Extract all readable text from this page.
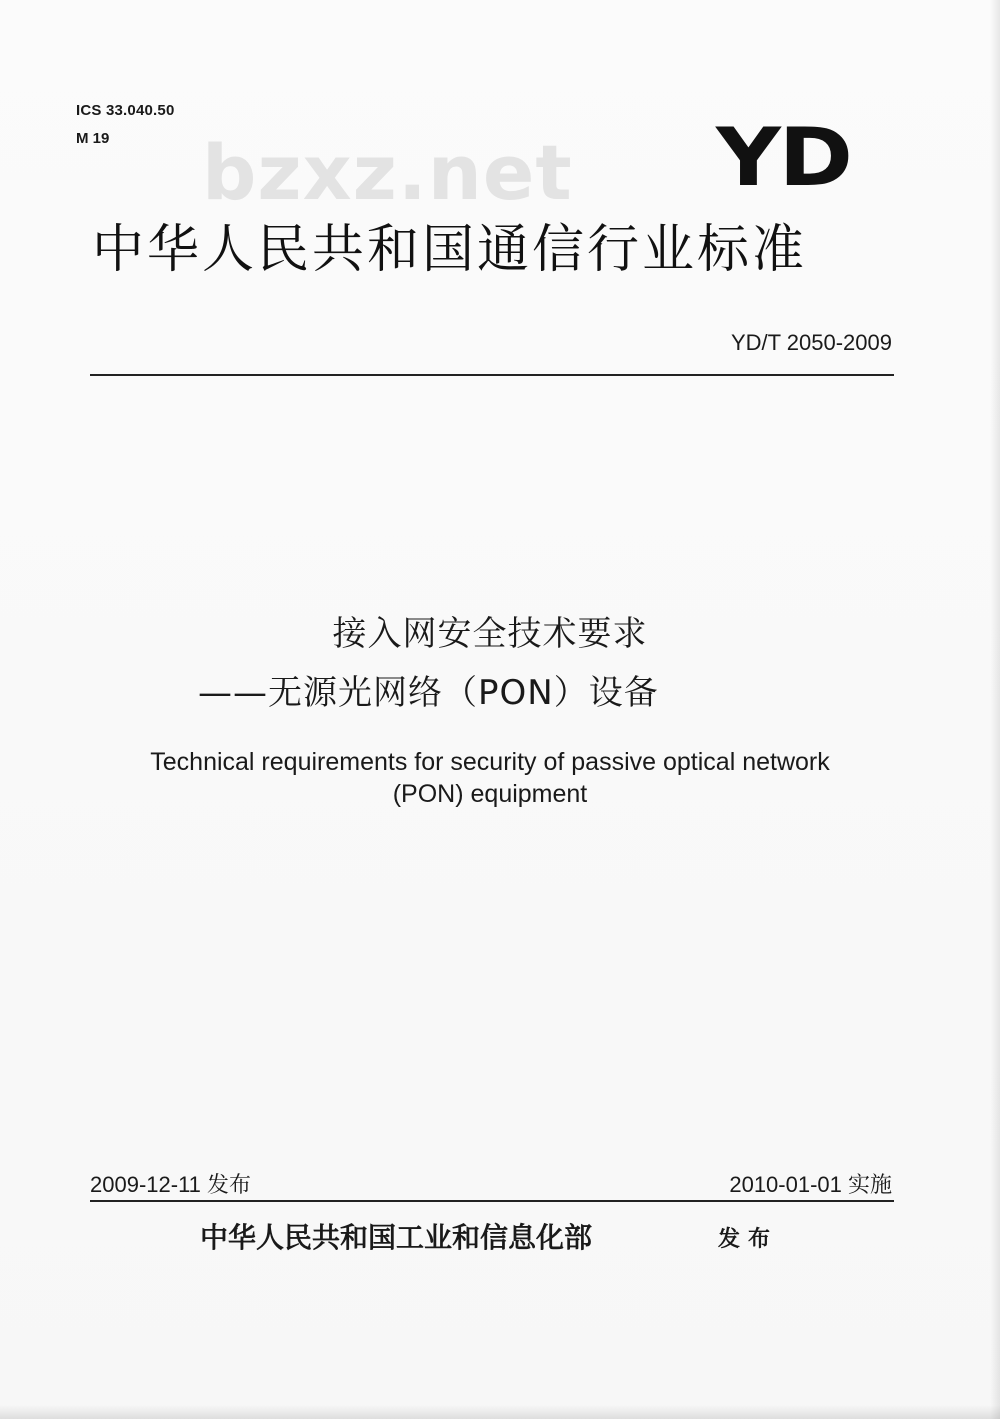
ICS 33.040.50
M 19 bzxz.net YD
中华人民共和国通信行业标准
YD/T 2050-2009
接入网安全技术要求
——无源光网络（PON）设备
Technical requirements for security of passive optical network
(PON) equipment
2009-12-11 发布	2010-01-01 实施
中华人民共和国工业和信息化部	发布
